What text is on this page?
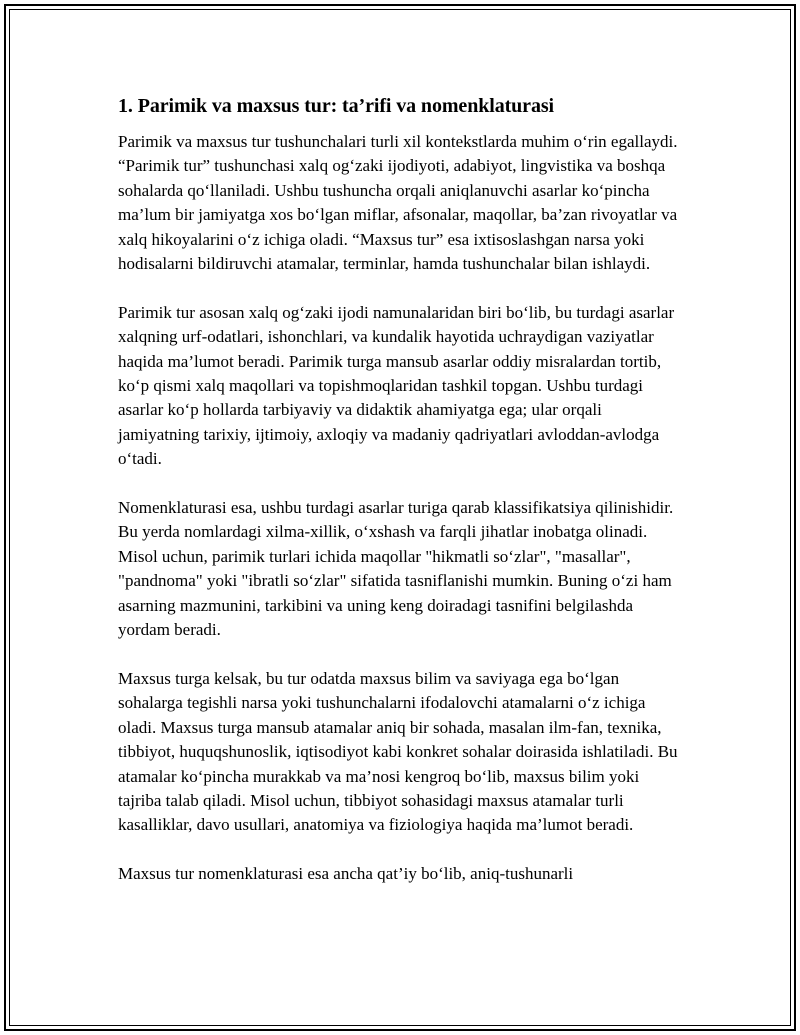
1. Parimik va maxsus tur: ta’rifi va nomenklaturasi

Parimik va maxsus tur tushunchalari turli xil kontekstlarda muhim o‘rin egallaydi. “Parimik tur” tushunchasi xalq og‘zaki ijodiyoti, adabiyot, lingvistika va boshqa sohalarda qo‘llaniladi. Ushbu tushuncha orqali aniqlanuvchi asarlar ko‘pincha ma’lum bir jamiyatga xos bo‘lgan miflar, afsonalar, maqollar, ba’zan rivoyatlar va xalq hikoyalarini o‘z ichiga oladi. “Maxsus tur” esa ixtisoslashgan narsa yoki hodisalarni bildiruvchi atamalar, terminlar, hamda tushunchalar bilan ishlaydi.

Parimik tur asosan xalq og‘zaki ijodi namunalaridan biri bo‘lib, bu turdagi asarlar xalqning urf-odatlari, ishonchlari, va kundalik hayotida uchraydigan vaziyatlar haqida ma’lumot beradi. Parimik turga mansub asarlar oddiy misralardan tortib, ko‘p qismi xalq maqollari va topishmoqlaridan tashkil topgan. Ushbu turdagi asarlar ko‘p hollarda tarbiyaviy va didaktik ahamiyatga ega; ular orqali jamiyatning tarixiy, ijtimoiy, axloqiy va madaniy qadriyatlari avloddan-avlodga o‘tadi.

Nomenklaturasi esa, ushbu turdagi asarlar turiga qarab klassifikatsiya qilinishidir. Bu yerda nomlardagi xilma-xillik, o‘xshash va farqli jihatlar inobatga olinadi. Misol uchun, parimik turlari ichida maqollar "hikmatli so‘zlar", "masallar", "pandnoma" yoki "ibratli so‘zlar" sifatida tasniflanishi mumkin. Buning o‘zi ham asarning mazmunini, tarkibini va uning keng doiradagi tasnifini belgilashda yordam beradi.

Maxsus turga kelsak, bu tur odatda maxsus bilim va saviyaga ega bo‘lgan sohalarga tegishli narsa yoki tushunchalarni ifodalovchi atamalarni o‘z ichiga oladi. Maxsus turga mansub atamalar aniq bir sohada, masalan ilm-fan, texnika, tibbiyot, huquqshunoslik, iqtisodiyot kabi konkret sohalar doirasida ishlatiladi. Bu atamalar ko‘pincha murakkab va ma’nosi kengroq bo‘lib, maxsus bilim yoki tajriba talab qiladi. Misol uchun, tibbiyot sohasidagi maxsus atamalar turli kasalliklar, davo usullari, anatomiya va fiziologiya haqida ma’lumot beradi.

Maxsus tur nomenklaturasi esa ancha qat’iy bo‘lib, aniq-tushunarli
